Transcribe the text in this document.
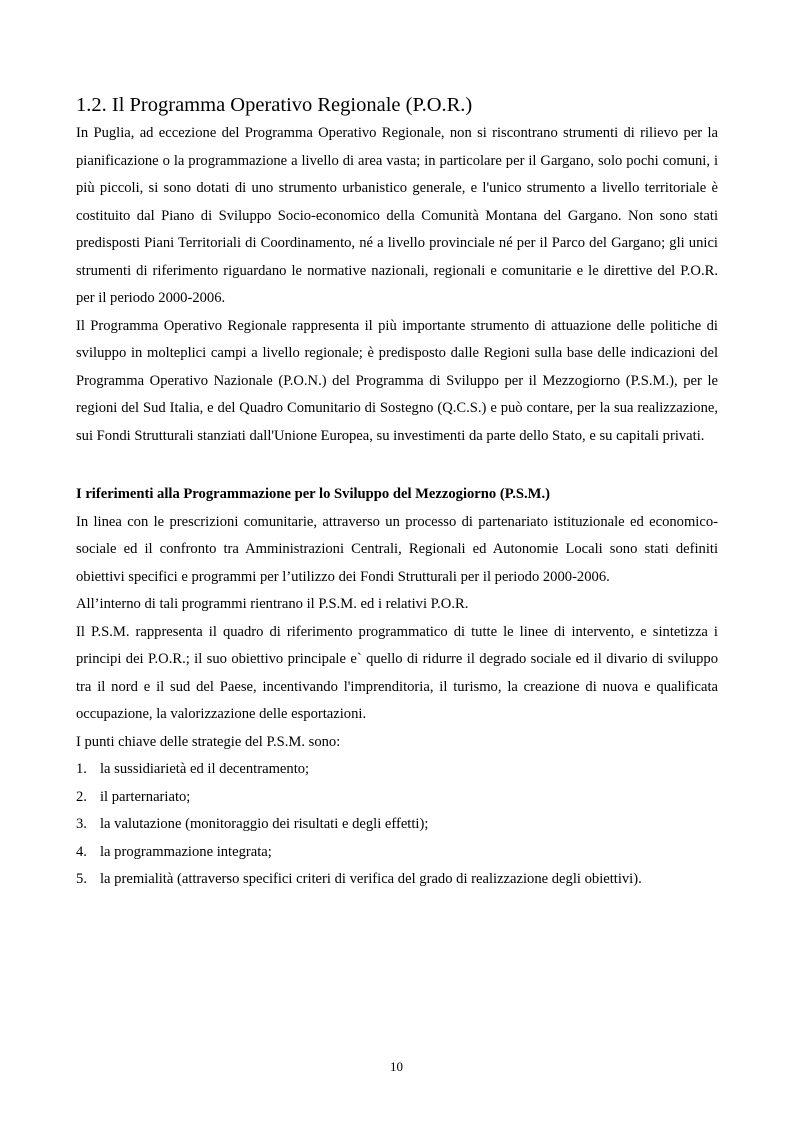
1.2. Il Programma Operativo Regionale (P.O.R.)

In Puglia, ad eccezione del Programma Operativo Regionale, non si riscontrano strumenti di rilievo per la pianificazione o la programmazione a livello di area vasta; in particolare per il Gargano, solo pochi comuni, i più piccoli, si sono dotati di uno strumento urbanistico generale, e l'unico strumento a livello territoriale è costituito dal Piano di Sviluppo Socio-economico della Comunità Montana del Gargano. Non sono stati predisposti Piani Territoriali di Coordinamento, né a livello provinciale né per il Parco del Gargano; gli unici strumenti di riferimento riguardano le normative nazionali, regionali e comunitarie e le direttive del P.O.R. per il periodo 2000-2006.

Il Programma Operativo Regionale rappresenta il più importante strumento di attuazione delle politiche di sviluppo in molteplici campi a livello regionale; è predisposto dalle Regioni sulla base delle indicazioni del Programma Operativo Nazionale (P.O.N.) del Programma di Sviluppo per il Mezzogiorno (P.S.M.), per le regioni del Sud Italia, e del Quadro Comunitario di Sostegno (Q.C.S.) e può contare, per la sua realizzazione, sui Fondi Strutturali stanziati dall'Unione Europea, su investimenti da parte dello Stato, e su capitali privati.

I riferimenti alla Programmazione per lo Sviluppo del Mezzogiorno (P.S.M.)

In linea con le prescrizioni comunitarie, attraverso un processo di partenariato istituzionale ed economico-sociale ed il confronto tra Amministrazioni Centrali, Regionali ed Autonomie Locali sono stati definiti obiettivi specifici e programmi per l’utilizzo dei Fondi Strutturali per il periodo 2000-2006.

All’interno di tali programmi rientrano il P.S.M. ed i relativi P.O.R.

Il P.S.M. rappresenta il quadro di riferimento programmatico di tutte le linee di intervento, e sintetizza i principi dei P.O.R.; il suo obiettivo principale e` quello di ridurre il degrado sociale ed il divario di sviluppo tra il nord e il sud del Paese, incentivando l'imprenditoria, il turismo, la creazione di nuova e qualificata occupazione, la valorizzazione delle esportazioni.

I punti chiave delle strategie del P.S.M. sono:

1. la sussidiarietà ed il decentramento;
2. il parternariato;
3. la valutazione (monitoraggio dei risultati e degli effetti);
4. la programmazione integrata;
5. la premialità (attraverso specifici criteri di verifica del grado di realizzazione degli obiettivi).
10
